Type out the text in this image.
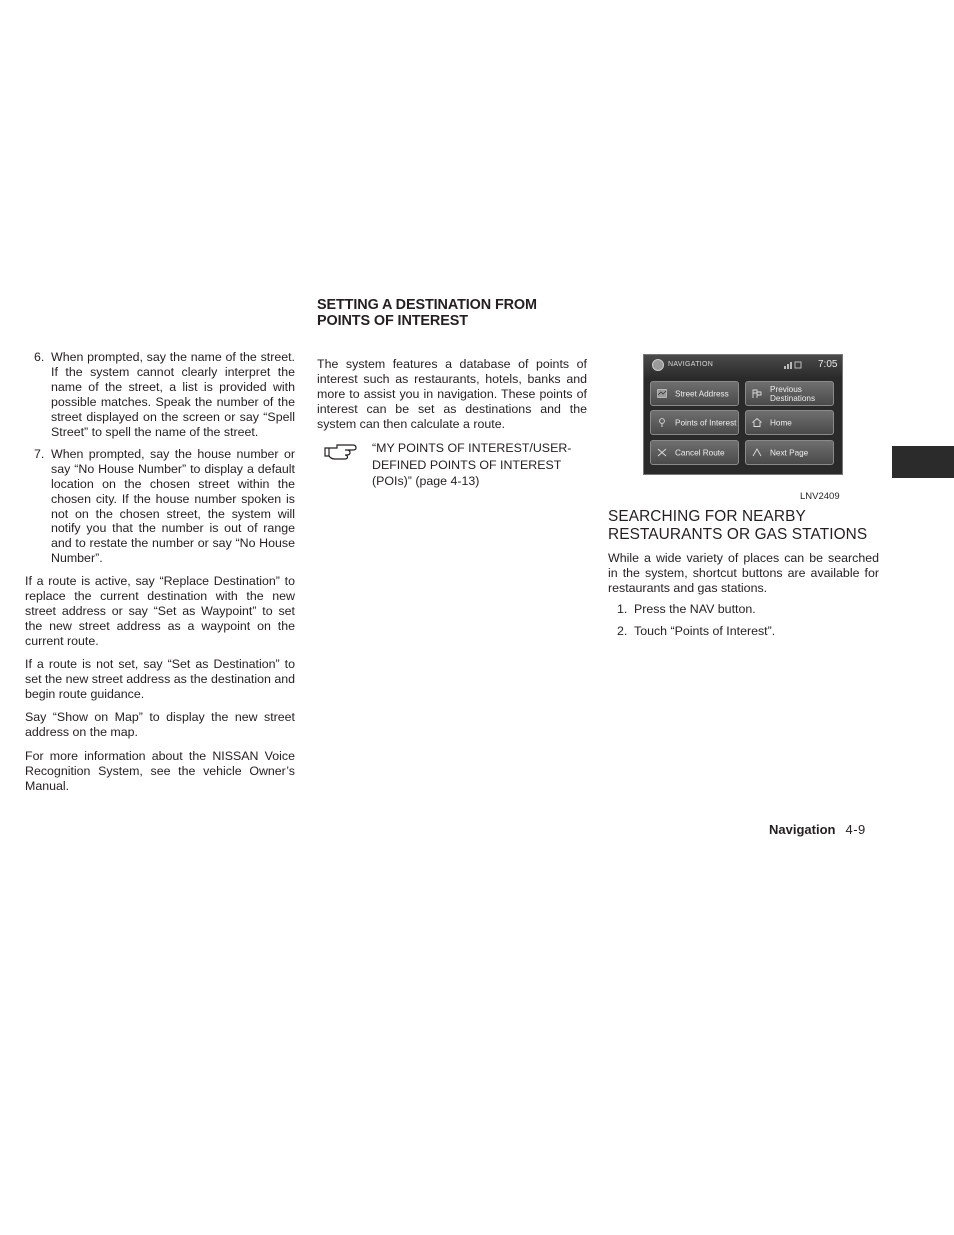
6. When prompted, say the name of the street. If the system cannot clearly interpret the name of the street, a list is provided with possible matches. Speak the number of the street displayed on the screen or say “Spell Street” to spell the name of the street.
7. When prompted, say the house number or say “No House Number” to display a default location on the chosen street within the chosen city. If the house number spoken is not on the chosen street, the system will notify you that the number is out of range and to restate the number or say “No House Number”.

If a route is active, say “Replace Destination” to replace the current destination with the new street address or say “Set as Waypoint” to set the new street address as a waypoint on the current route.

If a route is not set, say “Set as Destination” to set the new street address as the destination and begin route guidance.

Say “Show on Map” to display the new street address on the map.

For more information about the NISSAN Voice Recognition System, see the vehicle Owner’s Manual.

SETTING A DESTINATION FROM POINTS OF INTEREST

The system features a database of points of interest such as restaurants, hotels, banks and more to assist you in navigation. These points of interest can be set as destinations and the system can then calculate a route.

“MY POINTS OF INTEREST/USER-DEFINED POINTS OF INTEREST (POIs)” (page 4-13)
NAVIGATION	7:05
Street Address	Previous Destinations
Points of Interest	Home
Cancel Route	Next Page
LNV2409
SEARCHING FOR NEARBY RESTAURANTS OR GAS STATIONS

While a wide variety of places can be searched in the system, shortcut buttons are available for restaurants and gas stations.

1. Press the NAV button.
2. Touch “Points of Interest”.
Navigation 4-9
